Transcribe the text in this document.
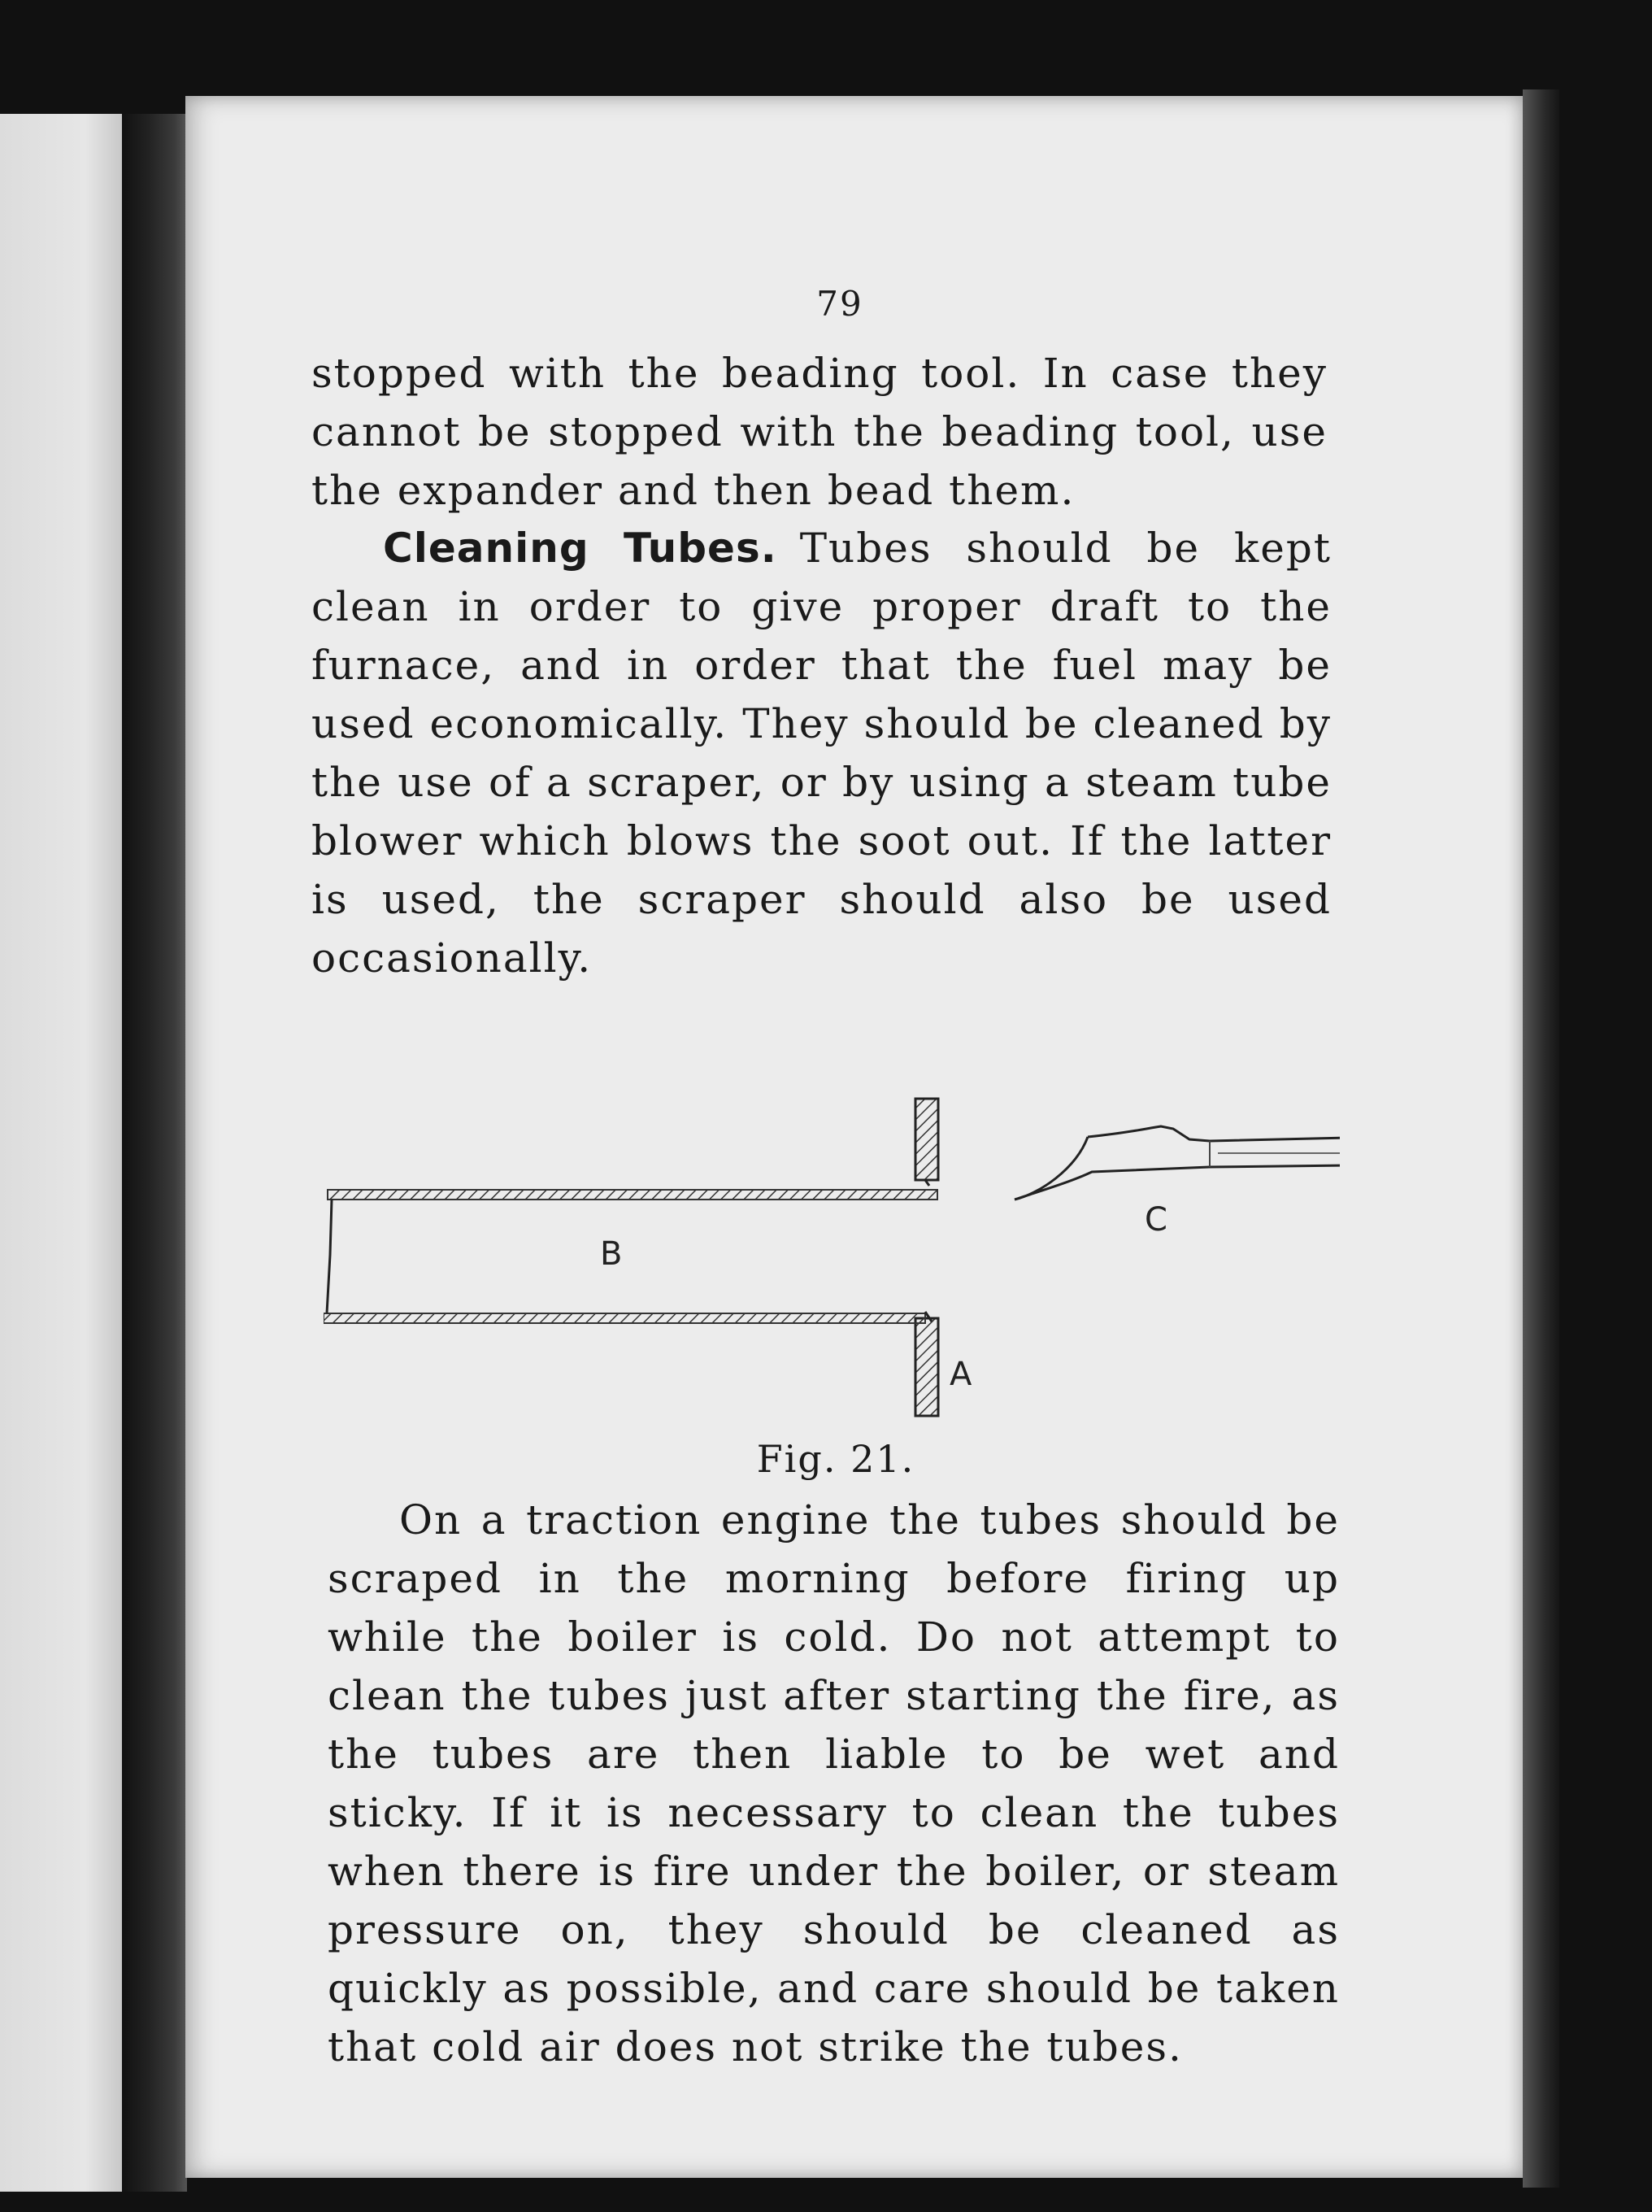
79
stopped with the beading tool. In case they cannot be stopped with the beading tool, use the expander and then bead them.
Cleaning Tubes. Tubes should be kept clean in order to give proper draft to the furnace, and in order that the fuel may be used economically. They should be cleaned by the use of a scraper, or by using a steam tube blower which blows the soot out. If the latter is used, the scraper should also be used occasionally.
B
A
C
Fig. 21.
On a traction engine the tubes should be scraped in the morning before firing up while the boiler is cold. Do not attempt to clean the tubes just after starting the fire, as the tubes are then liable to be wet and sticky. If it is necessary to clean the tubes when there is fire under the boiler, or steam pressure on, they should be cleaned as quickly as possible, and care should be taken that cold air does not strike the tubes.
